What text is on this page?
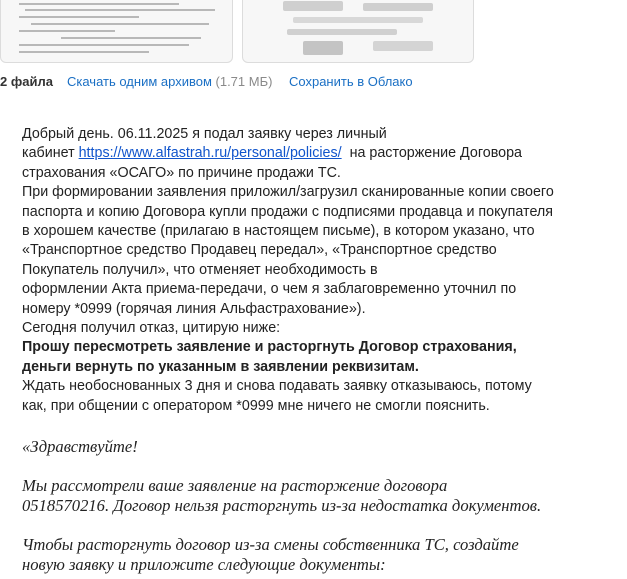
2 файла Скачать одним архивом (1.71 МБ) Сохранить в Облако

Добрый день. 06.11.2025 я подал заявку через личный

кабинет https://www.alfastrah.ru/personal/policies/  на расторжение Договора

страхования «ОСАГО» по причине продажи ТС.

При формировании заявления приложил/загрузил сканированные копии своего

паспорта и копию Договора купли продажи с подписями продавца и покупателя

в хорошем качестве (прилагаю в настоящем письме), в котором указано, что

«Транспортное средство Продавец передал», «Транспортное средство

Покупатель получил», что отменяет необходимость в

оформлении Акта приема-передачи, о чем я заблаговременно уточнил по

номеру *0999 (горячая линия Альфастрахование»).

Сегодня получил отказ, цитирую ниже:

Прошу пересмотреть заявление и расторгнуть Договор страхования,

деньги вернуть по указанным в заявлении реквизитам.

Ждать необоснованных 3 дня и снова подавать заявку отказываюсь, потому

как, при общении с оператором *0999 мне ничего не смогли пояснить.

«Здравствуйте!

Мы рассмотрели ваше заявление на расторжение договора
0518570216. Договор нельзя расторгнуть из-за недостатка документов.

Чтобы расторгнуть договор из-за смены собственника ТС, создайте
новую заявку и приложите следующие документы:
